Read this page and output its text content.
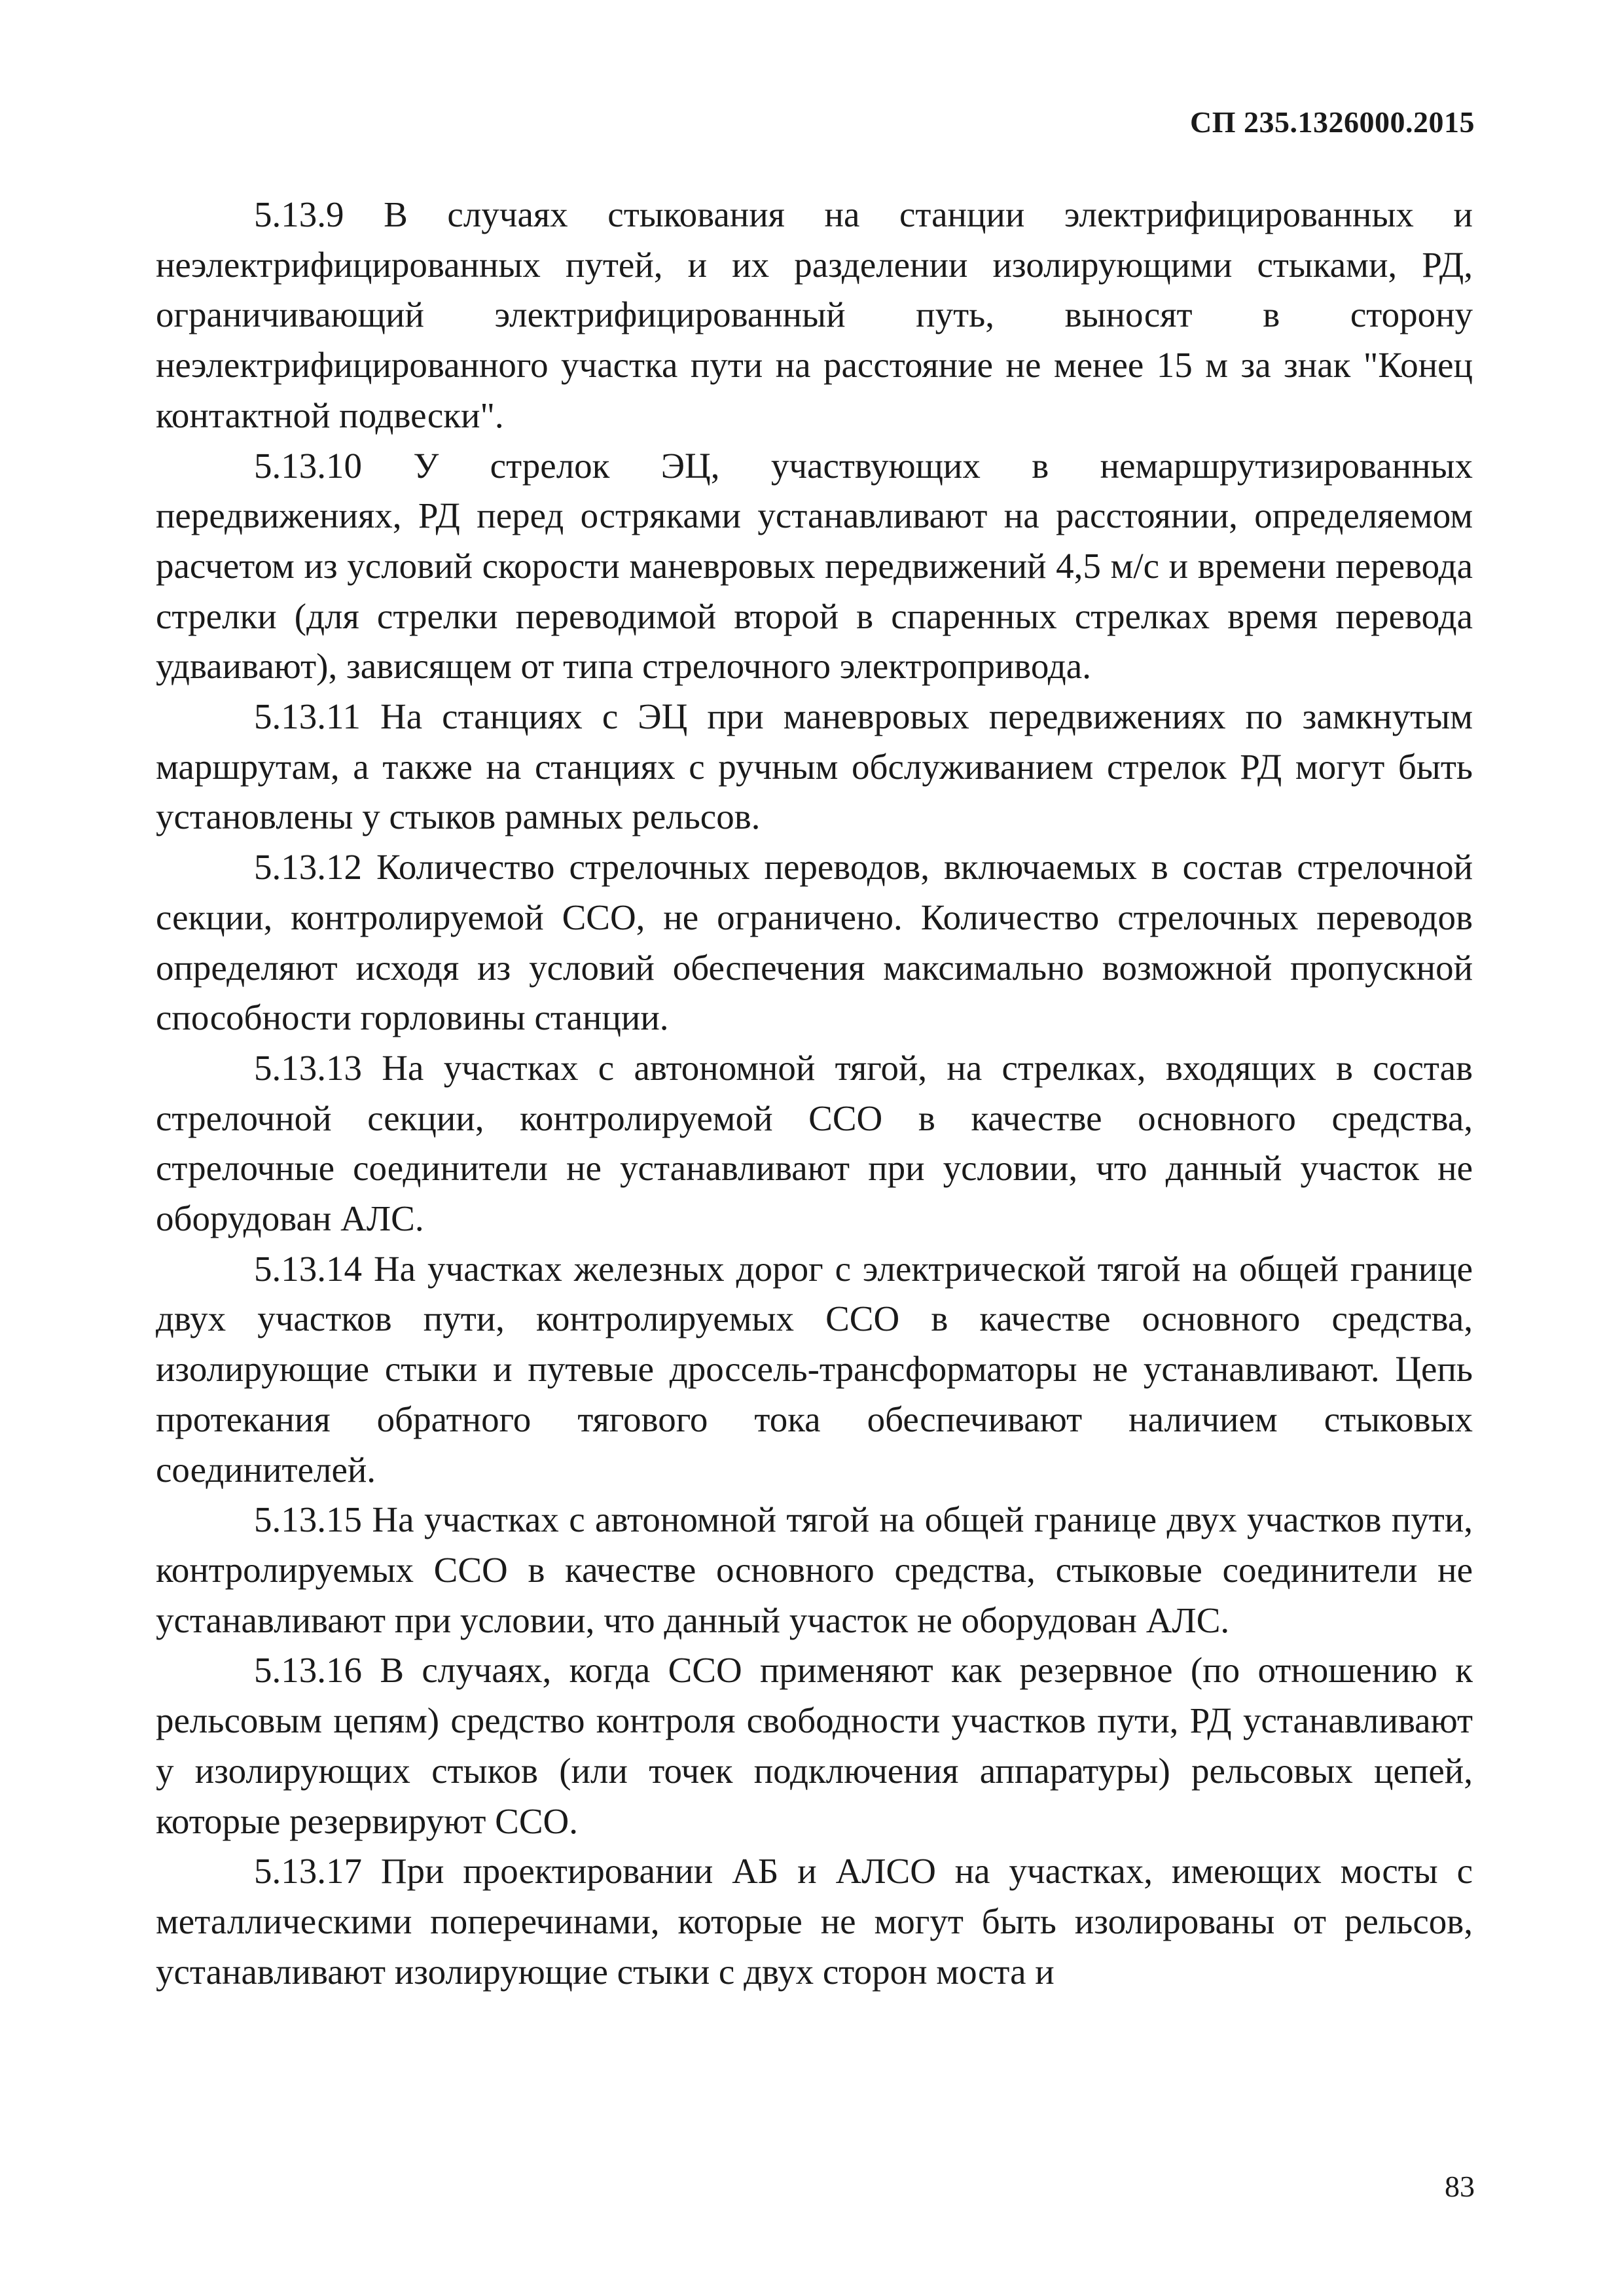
СП 235.1326000.2015

5.13.9 В случаях стыкования на станции электрифицированных и неэлектрифицированных путей, и их разделении изолирующими стыками, РД, ограничивающий электрифицированный путь, выносят в сторону неэлектрифицированного участка пути на расстояние не менее 15 м за знак "Конец контактной подвески".

5.13.10 У стрелок ЭЦ, участвующих в немаршрутизированных передвижениях, РД перед остряками устанавливают на расстоянии, определяемом расчетом из условий скорости маневровых передвижений 4,5 м/с и времени перевода стрелки (для стрелки переводимой второй в спаренных стрелках время перевода удваивают), зависящем от типа стрелочного электропривода.

5.13.11 На станциях с ЭЦ при маневровых передвижениях по замкнутым маршрутам, а также на станциях с ручным обслуживанием стрелок РД могут быть установлены у стыков рамных рельсов.

5.13.12 Количество стрелочных переводов, включаемых в состав стрелочной секции, контролируемой ССО, не ограничено. Количество стрелочных переводов определяют исходя из условий обеспечения максимально возможной пропускной способности горловины станции.

5.13.13 На участках с автономной тягой, на стрелках, входящих в состав стрелочной секции, контролируемой ССО в качестве основного средства, стрелочные соединители не устанавливают при условии, что данный участок не оборудован АЛС.

5.13.14 На участках железных дорог с электрической тягой на общей границе двух участков пути, контролируемых ССО в качестве основного средства, изолирующие стыки и путевые дроссель-трансформаторы не устанавливают. Цепь протекания обратного тягового тока обеспечивают наличием стыковых соединителей.

5.13.15 На участках с автономной тягой на общей границе двух участков пути, контролируемых ССО в качестве основного средства, стыковые соединители не устанавливают при условии, что данный участок не оборудован АЛС.

5.13.16 В случаях, когда ССО применяют как резервное (по отношению к рельсовым цепям) средство контроля свободности участков пути, РД устанавливают у изолирующих стыков (или точек подключения аппаратуры) рельсовых цепей, которые резервируют ССО.

5.13.17 При проектировании АБ и АЛСО на участках, имеющих мосты с металлическими поперечинами, которые не могут быть изолированы от рельсов, устанавливают изолирующие стыки с двух сторон моста и

83
